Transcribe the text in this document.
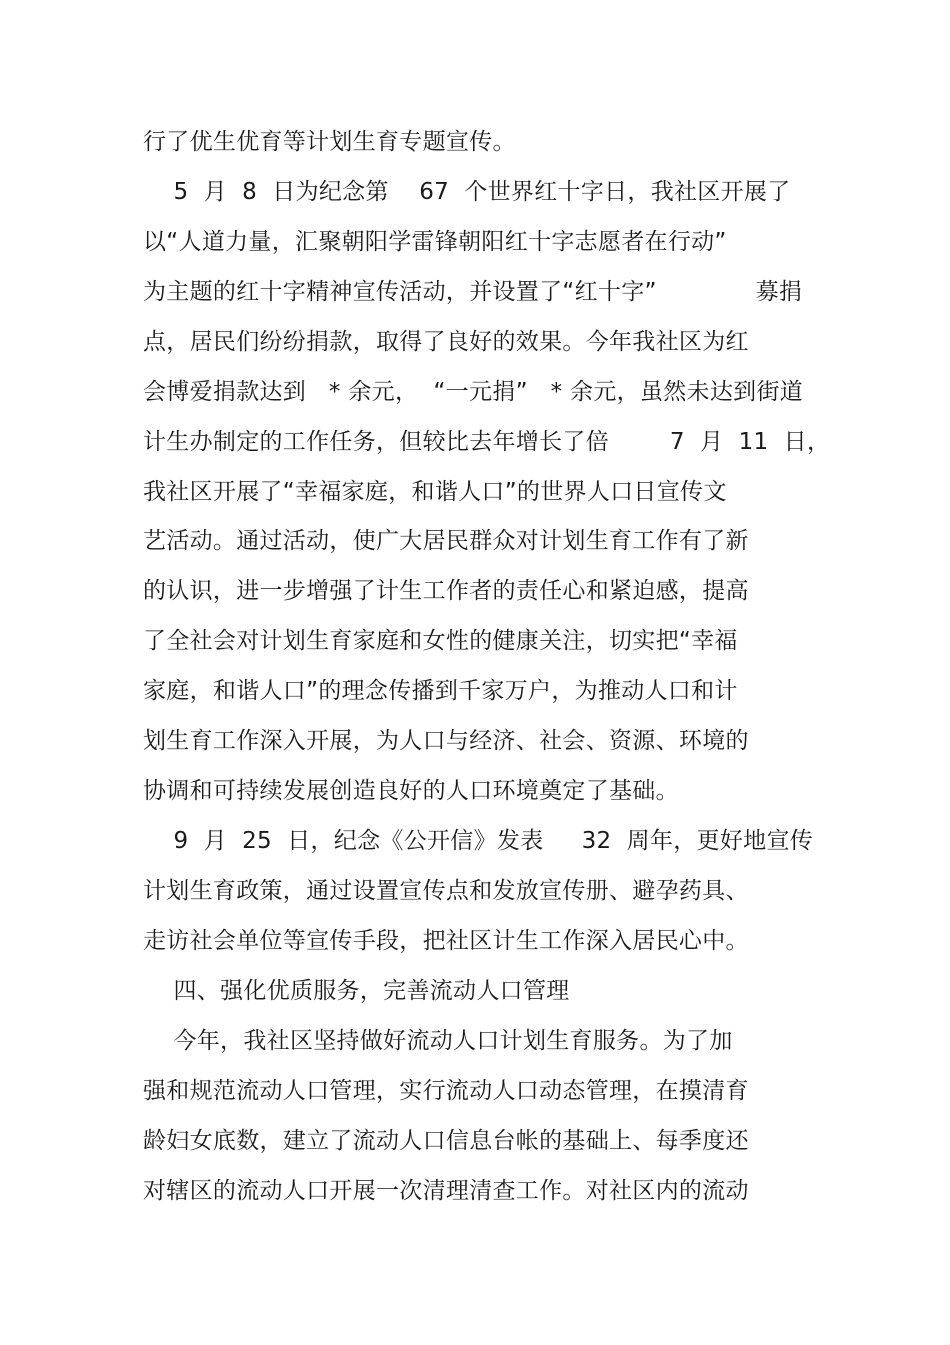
行了优生优育等计划生育专题宣传。
5  月  8  日为纪念第    67  个世界红十字日，我社区开展了
以“人道力量，汇聚朝阳学雷锋朝阳红十字志愿者在行动”
为主题的红十字精神宣传活动，并设置了“红十字”             募捐
点，居民们纷纷捐款，取得了良好的效果。今年我社区为红
会博爱捐款达到   * 余元，  “一元捐”   * 余元，虽然未达到街道
计生办制定的工作任务，但较比去年增长了倍        7  月  11  日，
我社区开展了“幸福家庭，和谐人口”的世界人口日宣传文
艺活动。通过活动，使广大居民群众对计划生育工作有了新
的认识，进一步增强了计生工作者的责任心和紧迫感，提高
了全社会对计划生育家庭和女性的健康关注，切实把“幸福
家庭，和谐人口”的理念传播到千家万户，为推动人口和计
划生育工作深入开展，为人口与经济、社会、资源、环境的
协调和可持续发展创造良好的人口环境奠定了基础。
9  月  25  日，纪念《公开信》发表     32  周年，更好地宣传
计划生育政策，通过设置宣传点和发放宣传册、避孕药具、
走访社会单位等宣传手段，把社区计生工作深入居民心中。
四、强化优质服务，完善流动人口管理
今年，我社区坚持做好流动人口计划生育服务。为了加
强和规范流动人口管理，实行流动人口动态管理，在摸清育
龄妇女底数，建立了流动人口信息台帐的基础上、每季度还
对辖区的流动人口开展一次清理清查工作。对社区内的流动
